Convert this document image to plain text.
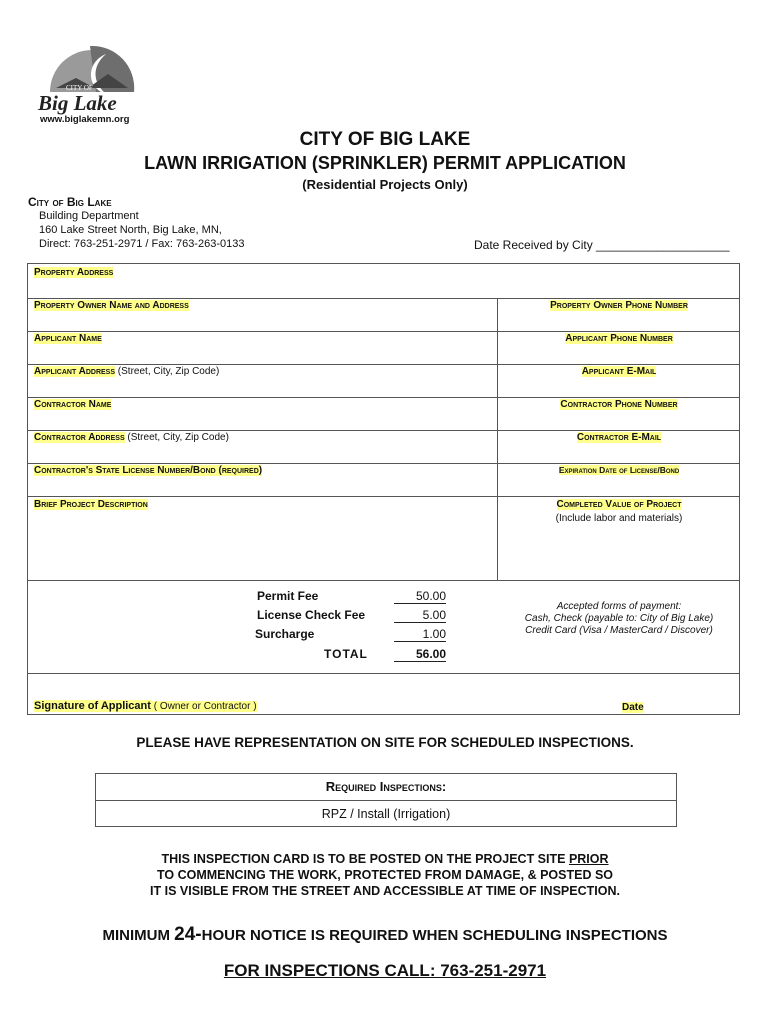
CITY OF
Big Lake
www.biglakemn.org
CITY OF BIG LAKE
LAWN IRRIGATION (SPRINKLER) PERMIT APPLICATION
(Residential Projects Only)
City of Big Lake
Building Department
160 Lake Street North, Big Lake, MN,
Direct: 763-251-2971 / Fax: 763-263-0133	Date Received by City ____________________
Property Address
Property Owner Name and Address	Property Owner Phone Number
Applicant Name	Applicant Phone Number
Applicant Address (Street, City, Zip Code)	Applicant E-Mail
Contractor Name	Contractor Phone Number
Contractor Address (Street, City, Zip Code)	Contractor E-Mail
Contractor's State License Number/Bond (required)	Expiration Date of License/Bond
Brief Project Description	Completed Value of Project
(Include labor and materials)
Permit Fee	50.00
License Check Fee	5.00
Surcharge	1.00
TOTAL	56.00
Accepted forms of payment:
Cash, Check (payable to: City of Big Lake)
Credit Card (Visa / MasterCard / Discover)
Signature of Applicant ( Owner or Contractor )	Date
PLEASE HAVE REPRESENTATION ON SITE FOR SCHEDULED INSPECTIONS.
Required Inspections:
RPZ / Install (Irrigation)
THIS INSPECTION CARD IS TO BE POSTED ON THE PROJECT SITE PRIOR
TO COMMENCING THE WORK, PROTECTED FROM DAMAGE, & POSTED SO
IT IS VISIBLE FROM THE STREET AND ACCESSIBLE AT TIME OF INSPECTION.
MINIMUM 24-HOUR NOTICE IS REQUIRED WHEN SCHEDULING INSPECTIONS
FOR INSPECTIONS CALL: 763-251-2971
